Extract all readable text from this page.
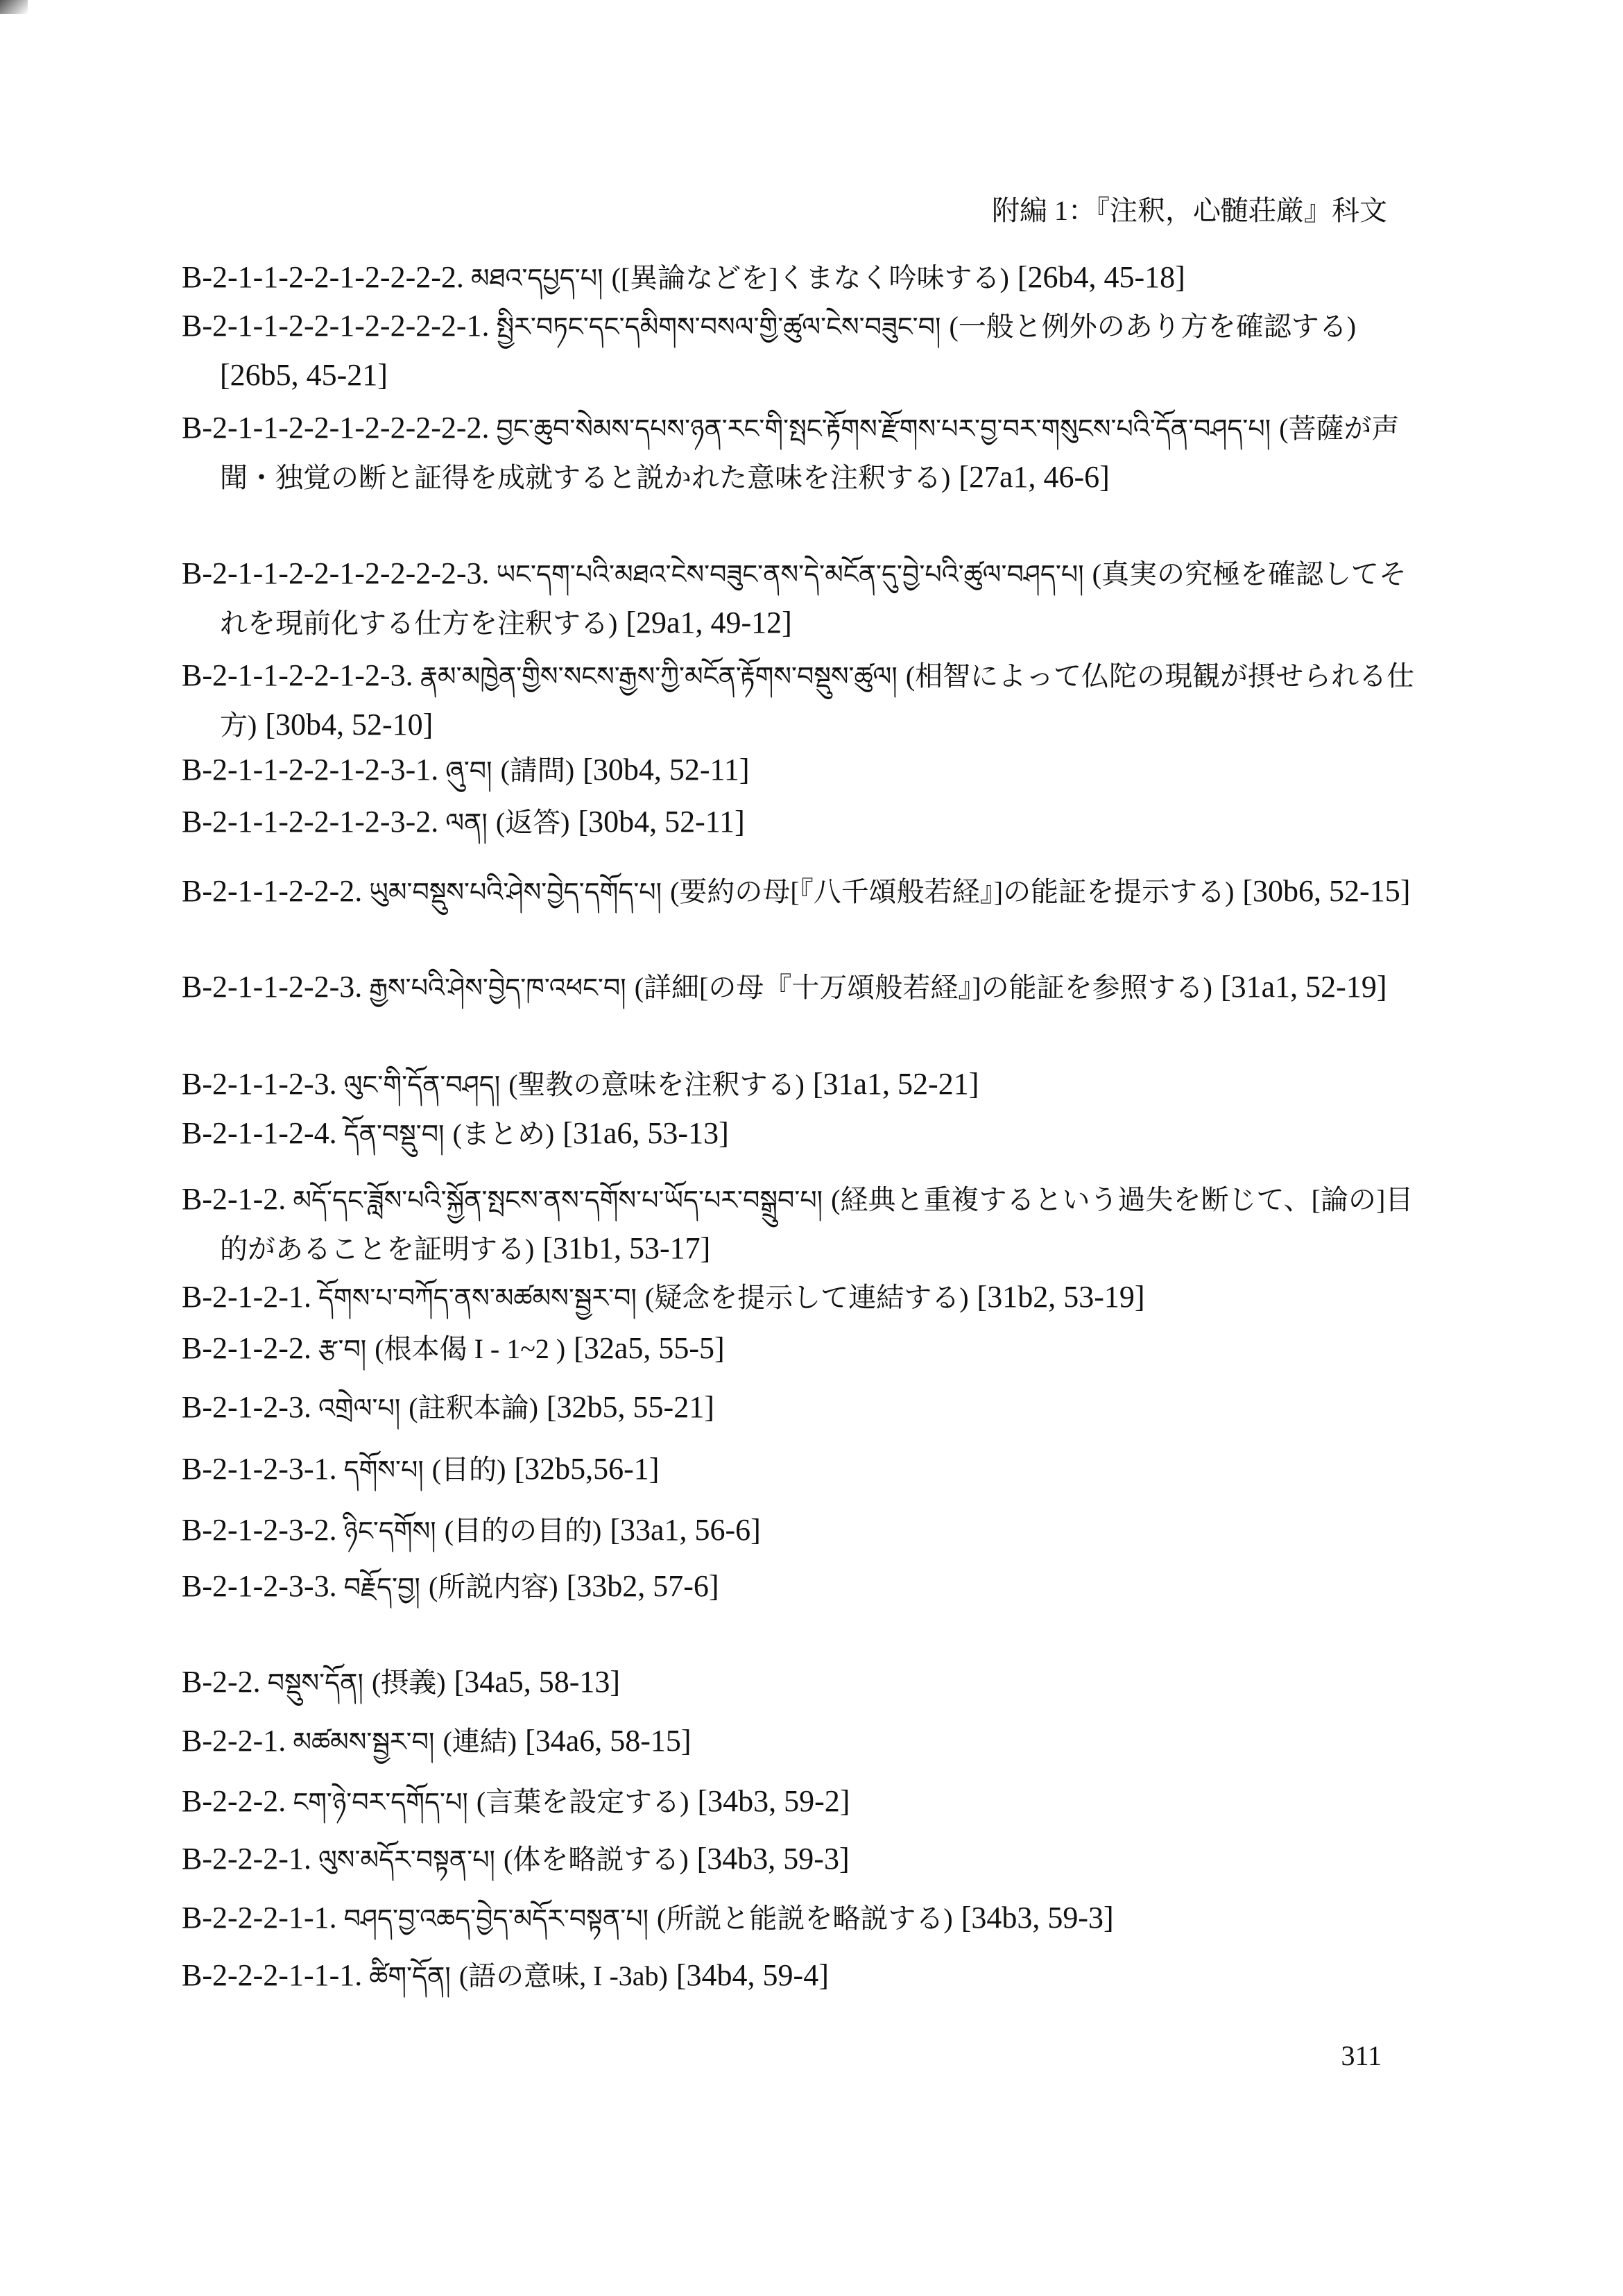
附編 1：『注釈，心髄荘厳』科文
B-2-1-1-2-2-1-2-2-2-2. མཐའ་དཔྱད་པ། ([異論などを]くまなく吟味する) [26b4, 45-18]
B-2-1-1-2-2-1-2-2-2-2-1. སྤྱིར་བཏང་དང་དམིགས་བསལ་གྱི་ཚུལ་ངེས་བཟུང་བ། (一般と例外のあり方を確認する)[26b5, 45-21]
B-2-1-1-2-2-1-2-2-2-2-2. བྱང་ཆུབ་སེམས་དཔས་ཉན་རང་གི་སྤང་རྟོགས་རྫོགས་པར་བྱ་བར་གསུངས་པའི་དོན་བཤད་པ། (菩薩が声聞・独覚の断と証得を成就すると説かれた意味を注釈する) [27a1, 46-6]
B-2-1-1-2-2-1-2-2-2-2-3. ཡང་དག་པའི་མཐའ་ངེས་བཟུང་ནས་དེ་མངོན་དུ་བྱེ་པའི་ཚུལ་བཤད་པ། (真実の究極を確認してそれを現前化する仕方を注釈する) [29a1, 49-12]
B-2-1-1-2-2-1-2-3. རྣམ་མཁྱེན་གྱིས་སངས་རྒྱས་ཀྱི་མངོན་རྟོགས་བསྡུས་ཚུལ། (相智によって仏陀の現観が摂せられる仕方) [30b4, 52-10]
B-2-1-1-2-2-1-2-3-1. ཞུ་བ། (請問) [30b4, 52-11]
B-2-1-1-2-2-1-2-3-2. ལན། (返答) [30b4, 52-11]
B-2-1-1-2-2-2. ཡུམ་བསྡུས་པའི་ཤེས་བྱེད་དགོད་པ། (要約の母[『八千頌般若経』]の能証を提示する) [30b6, 52-15]
B-2-1-1-2-2-3. རྒྱས་པའི་ཤེས་བྱེད་ཁ་འཕང་བ། (詳細[の母『十万頌般若経』]の能証を参照する) [31a1, 52-19]
B-2-1-1-2-3. ལུང་གི་དོན་བཤད། (聖教の意味を注釈する) [31a1, 52-21]
B-2-1-1-2-4. དོན་བསྡུ་བ། (まとめ) [31a6, 53-13]
B-2-1-2. མདོ་དང་ཟློས་པའི་སྐྱོན་སྤངས་ནས་དགོས་པ་ཡོད་པར་བསྒྲུབ་པ། (経典と重複するという過失を断じて、[論の]目的があることを証明する) [31b1, 53-17]
B-2-1-2-1. དོགས་པ་བཀོད་ནས་མཚམས་སྦྱར་བ། (疑念を提示して連結する) [31b2, 53-19]
B-2-1-2-2. རྩ་བ། (根本偈 I - 1~2 ) [32a5, 55-5]
B-2-1-2-3. འགྲེལ་པ། (註釈本論) [32b5, 55-21]
B-2-1-2-3-1. དགོས་པ། (目的) [32b5,56-1]
B-2-1-2-3-2. ཉིང་དགོས། (目的の目的) [33a1, 56-6]
B-2-1-2-3-3. བརྗོད་བྱ། (所説内容) [33b2, 57-6]
B-2-2. བསྡུས་དོན། (摂義) [34a5, 58-13]
B-2-2-1. མཚམས་སྦྱར་བ། (連結) [34a6, 58-15]
B-2-2-2. ངག་ཉེ་བར་དགོད་པ། (言葉を設定する) [34b3, 59-2]
B-2-2-2-1. ལུས་མདོར་བསྟན་པ། (体を略説する) [34b3, 59-3]
B-2-2-2-1-1. བཤད་བྱ་འཆད་བྱེད་མདོར་བསྟན་པ། (所説と能説を略説する) [34b3, 59-3]
B-2-2-2-1-1-1. ཚིག་དོན། (語の意味, I -3ab) [34b4, 59-4]
311
